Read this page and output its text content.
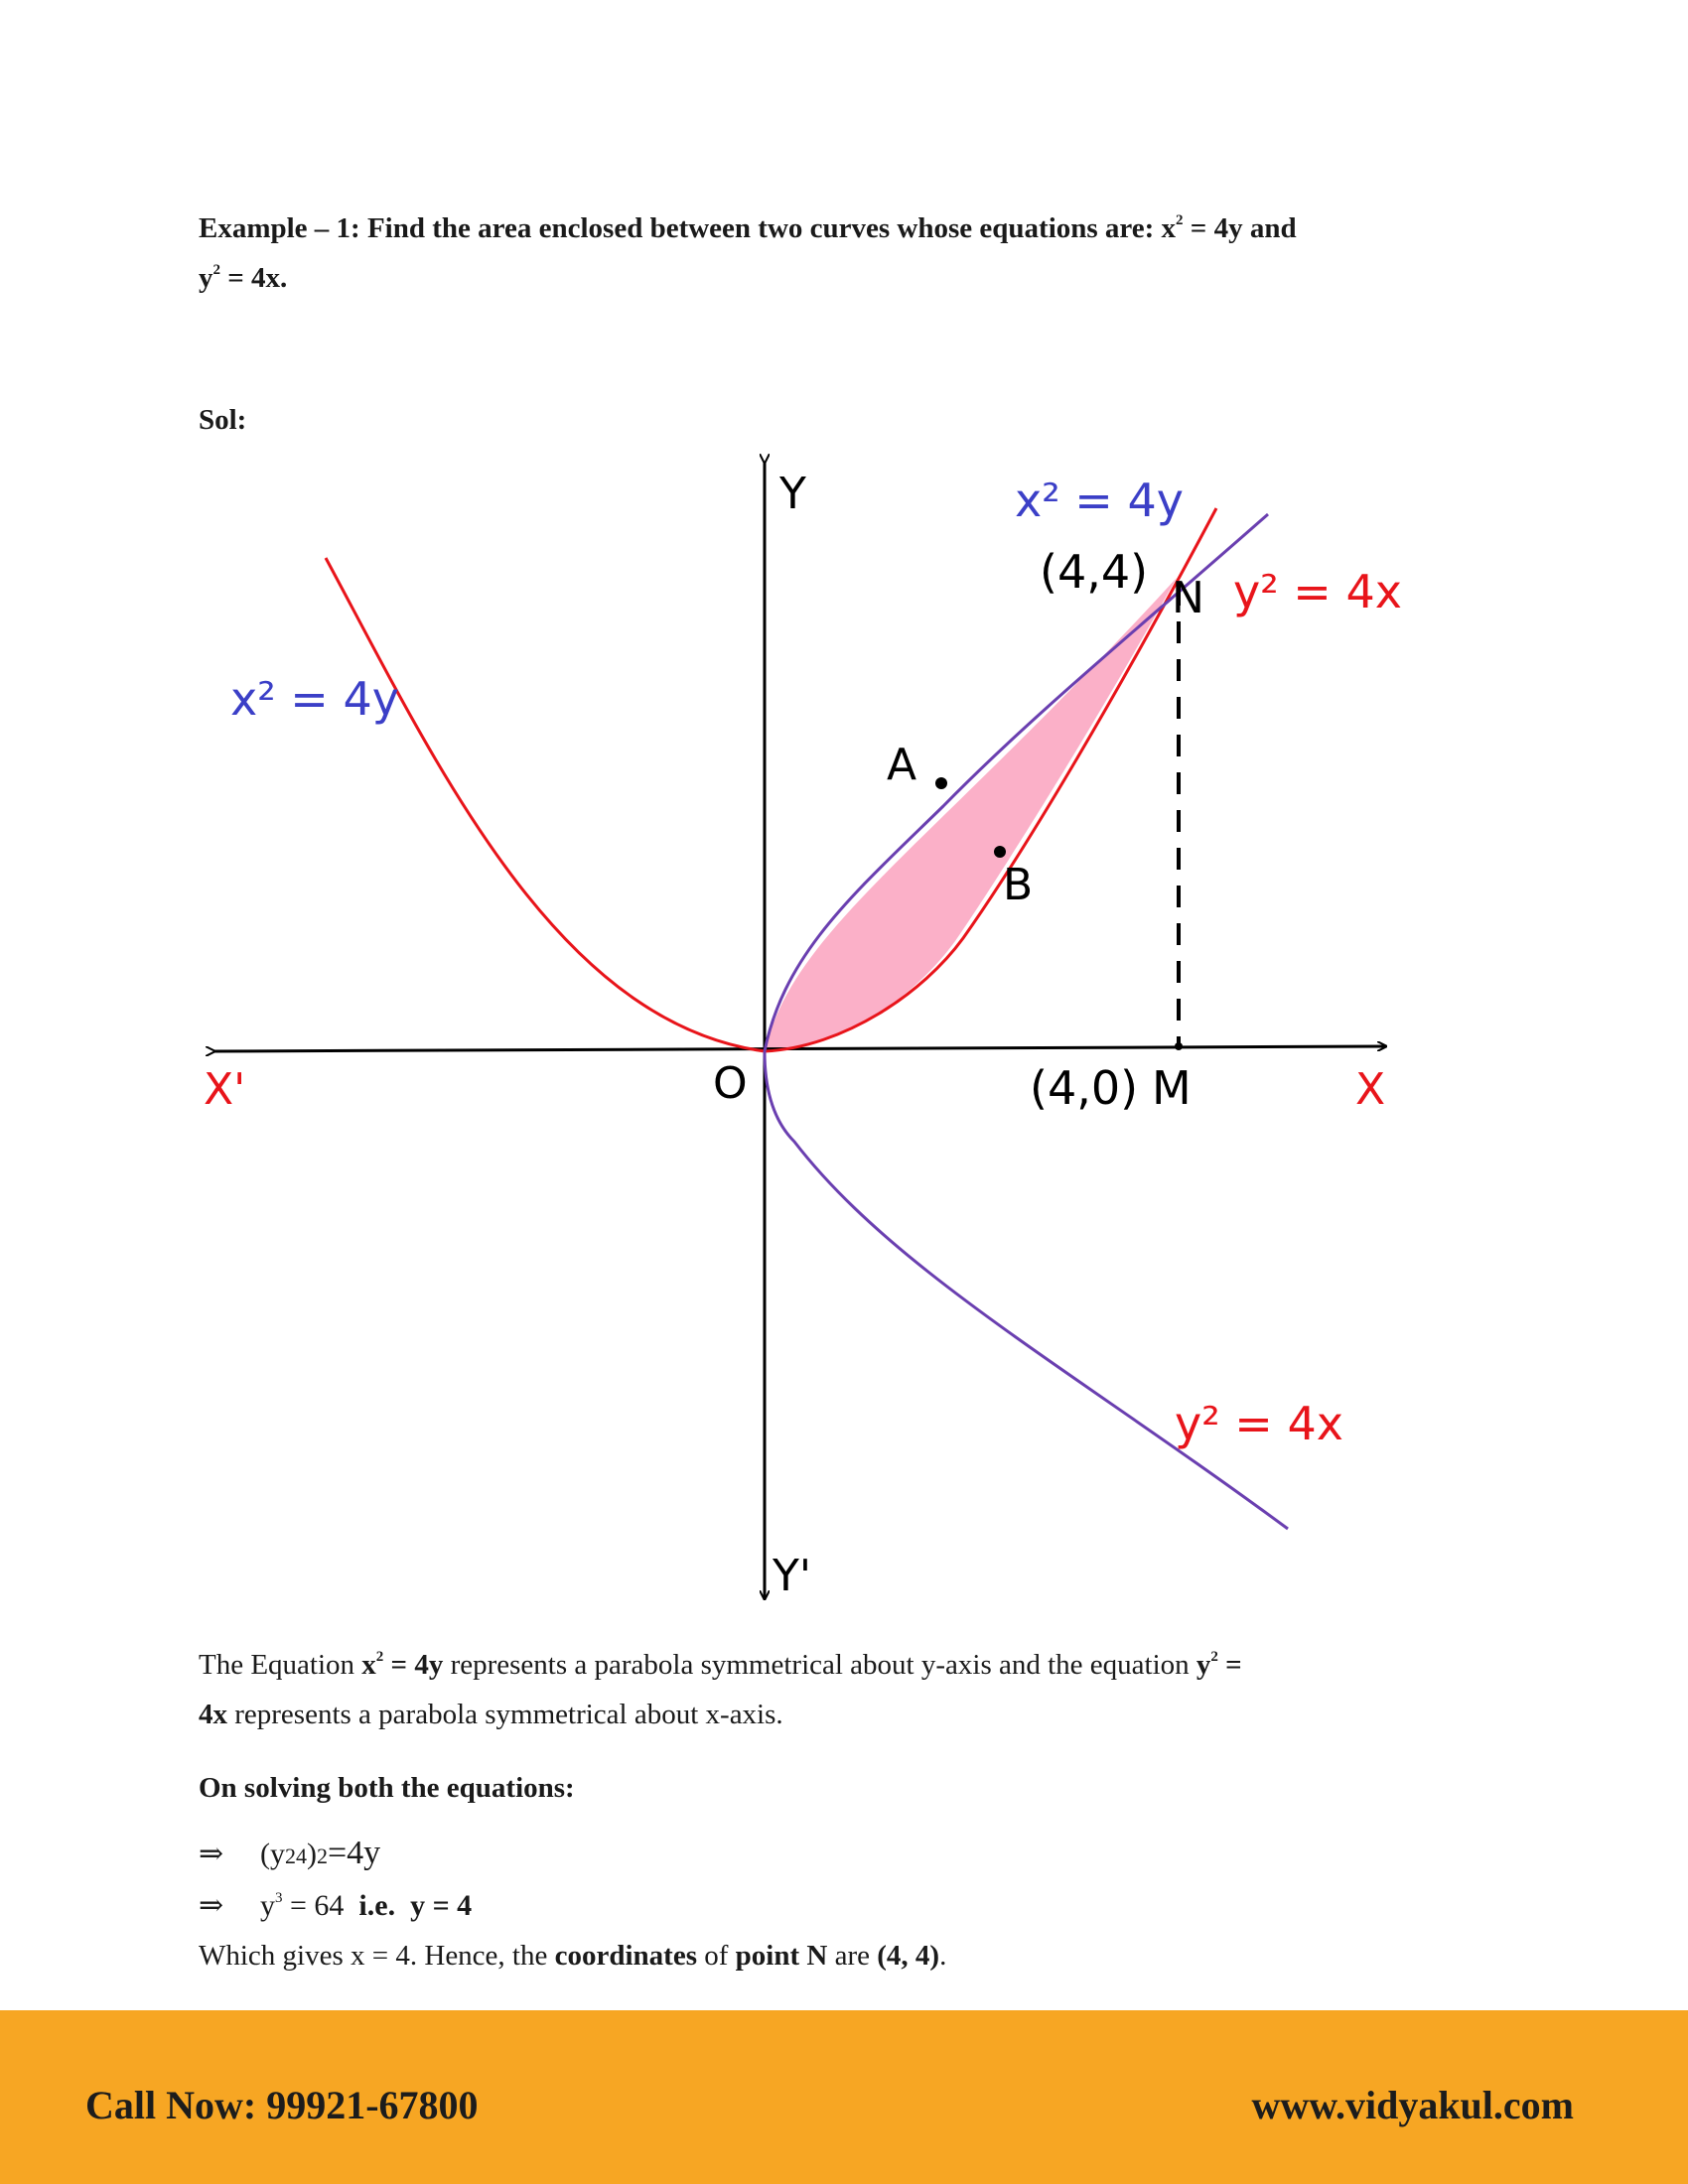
Example – 1: Find the area enclosed between two curves whose equations are: $x^2 = 4y$ and
$y^2 = 4x$.
Sol:
Y
Y'
X
X'	O
x² = 4y
x² = 4y
y² = 4x
y² = 4x
(4,4) N
(4,0) M
A
B
The Equation $x^2 = 4y$ represents a parabola symmetrical about y-axis and the equation $y^2$ =
4x represents a parabola symmetrical about x-axis.
On solving both the equations:
⇒ (y24)2=4y
⇒ $y^3 = 64$ i.e. y = 4
Which gives x = 4. Hence, the coordinates of point N are (4, 4).
Call Now: 99921-67800	www.vidyakul.com
